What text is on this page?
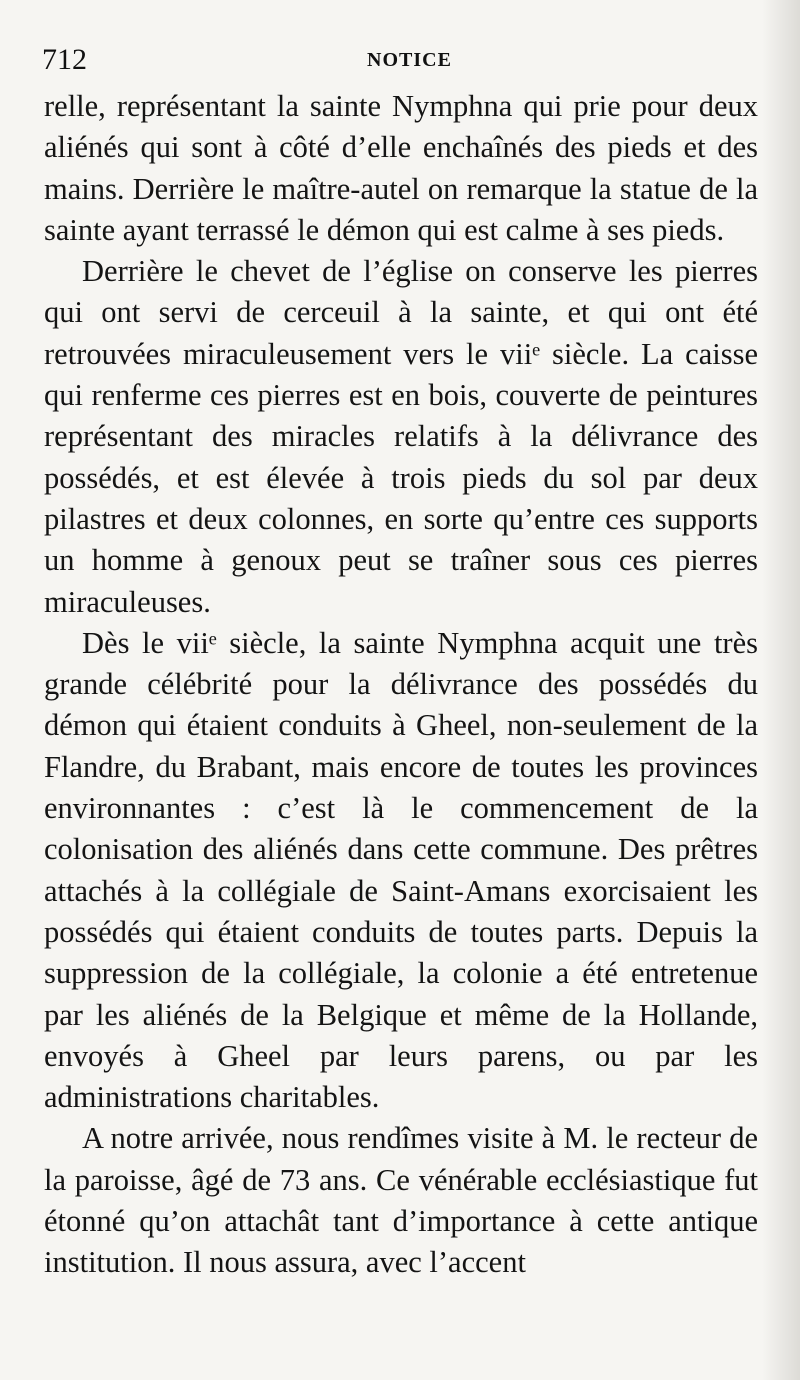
712	NOTICE

relle, représentant la sainte Nymphna qui prie pour deux aliénés qui sont à côté d’elle enchaînés des pieds et des mains. Derrière le maître-autel on remarque la statue de la sainte ayant terrassé le démon qui est calme à ses pieds.

Derrière le chevet de l’église on conserve les pierres qui ont servi de cerceuil à la sainte, et qui ont été retrouvées miraculeusement vers le viiᵉ siècle. La caisse qui renferme ces pierres est en bois, couverte de peintures représentant des miracles relatifs à la délivrance des possédés, et est élevée à trois pieds du sol par deux pilastres et deux colonnes, en sorte qu’entre ces supports un homme à genoux peut se traîner sous ces pierres miraculeuses.

Dès le viiᵉ siècle, la sainte Nymphna acquit une très grande célébrité pour la délivrance des possédés du démon qui étaient conduits à Gheel, non-seulement de la Flandre, du Brabant, mais encore de toutes les provinces environnantes : c’est là le commencement de la colonisation des aliénés dans cette commune. Des prêtres attachés à la collégiale de Saint-Amans exorcisaient les possédés qui étaient conduits de toutes parts. Depuis la suppression de la collégiale, la colonie a été entretenue par les aliénés de la Belgique et même de la Hollande, envoyés à Gheel par leurs parens, ou par les administrations charitables.

A notre arrivée, nous rendîmes visite à M. le recteur de la paroisse, âgé de 73 ans. Ce vénérable ecclésiastique fut étonné qu’on attachât tant d’importance à cette antique institution. Il nous assura, avec l’accent
